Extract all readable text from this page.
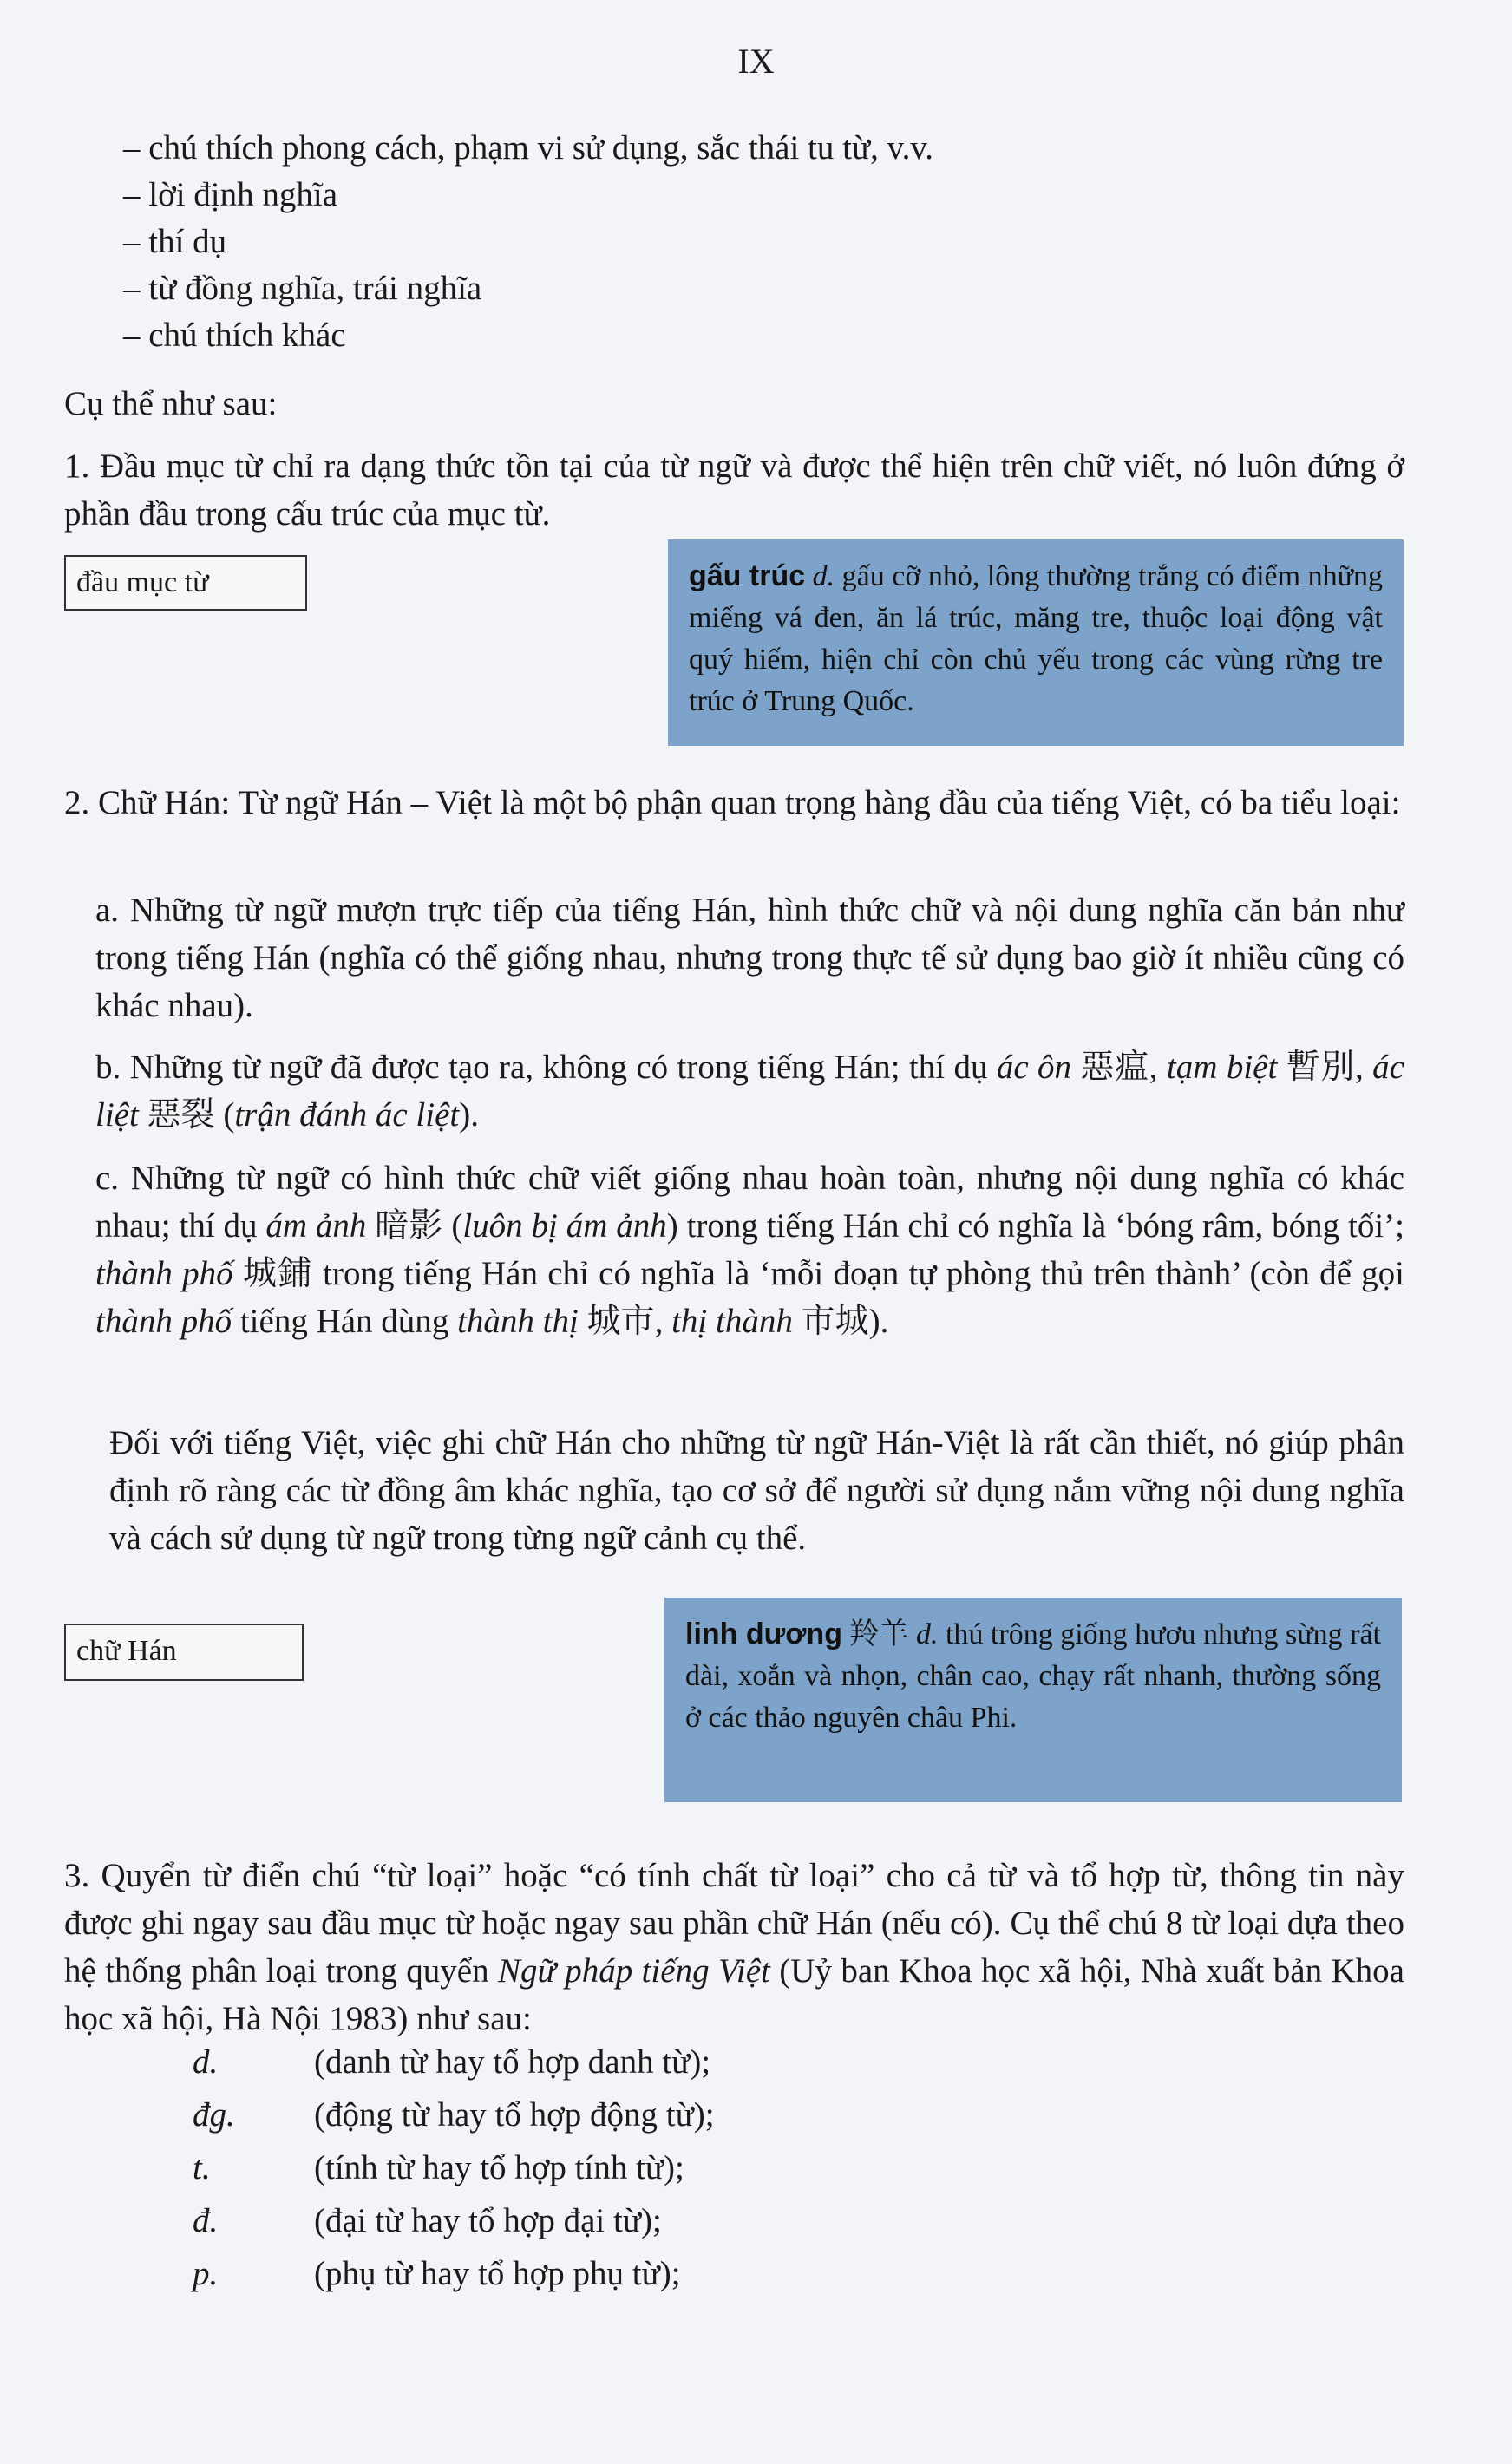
IX
– chú thích phong cách, phạm vi sử dụng, sắc thái tu từ, v.v.
– lời định nghĩa
– thí dụ
– từ đồng nghĩa, trái nghĩa
– chú thích khác
Cụ thể như sau:
1. Đầu mục từ chỉ ra dạng thức tồn tại của từ ngữ và được thể hiện trên chữ viết, nó luôn đứng ở phần đầu trong cấu trúc của mục từ.
đầu mục từ	gấu trúc d. gấu cỡ nhỏ, lông thường trắng có điểm những miếng vá đen, ăn lá trúc, măng tre, thuộc loại động vật quý hiếm, hiện chỉ còn chủ yếu trong các vùng rừng tre trúc ở Trung Quốc.
2. Chữ Hán: Từ ngữ Hán – Việt là một bộ phận quan trọng hàng đầu của tiếng Việt, có ba tiểu loại:
a. Những từ ngữ mượn trực tiếp của tiếng Hán, hình thức chữ và nội dung nghĩa căn bản như trong tiếng Hán (nghĩa có thể giống nhau, nhưng trong thực tế sử dụng bao giờ ít nhiều cũng có khác nhau).
b. Những từ ngữ đã được tạo ra, không có trong tiếng Hán; thí dụ ác ôn 惡瘟, tạm biệt 暫別, ác liệt 惡裂 (trận đánh ác liệt).
c. Những từ ngữ có hình thức chữ viết giống nhau hoàn toàn, nhưng nội dung nghĩa có khác nhau; thí dụ ám ảnh 暗影 (luôn bị ám ảnh) trong tiếng Hán chỉ có nghĩa là ‘bóng râm, bóng tối’; thành phố 城鋪 trong tiếng Hán chỉ có nghĩa là ‘mỗi đoạn tự phòng thủ trên thành’ (còn để gọi thành phố tiếng Hán dùng thành thị 城市, thị thành 市城).
Đối với tiếng Việt, việc ghi chữ Hán cho những từ ngữ Hán-Việt là rất cần thiết, nó giúp phân định rõ ràng các từ đồng âm khác nghĩa, tạo cơ sở để người sử dụng nắm vững nội dung nghĩa và cách sử dụng từ ngữ trong từng ngữ cảnh cụ thể.
chữ Hán
linh dương 羚羊 d. thú trông giống hươu nhưng sừng rất dài, xoắn và nhọn, chân cao, chạy rất nhanh, thường sống ở các thảo nguyên châu Phi.
3. Quyển từ điển chú “từ loại” hoặc “có tính chất từ loại” cho cả từ và tổ hợp từ, thông tin này được ghi ngay sau đầu mục từ hoặc ngay sau phần chữ Hán (nếu có). Cụ thể chú 8 từ loại dựa theo hệ thống phân loại trong quyển Ngữ pháp tiếng Việt (Uỷ ban Khoa học xã hội, Nhà xuất bản Khoa học xã hội, Hà Nội 1983) như sau:
d.	(danh từ hay tổ hợp danh từ);
đg. (động từ hay tổ hợp động từ);
t.	(tính từ hay tổ hợp tính từ);
đ.	(đại từ hay tổ hợp đại từ);
p.	(phụ từ hay tổ hợp phụ từ);
